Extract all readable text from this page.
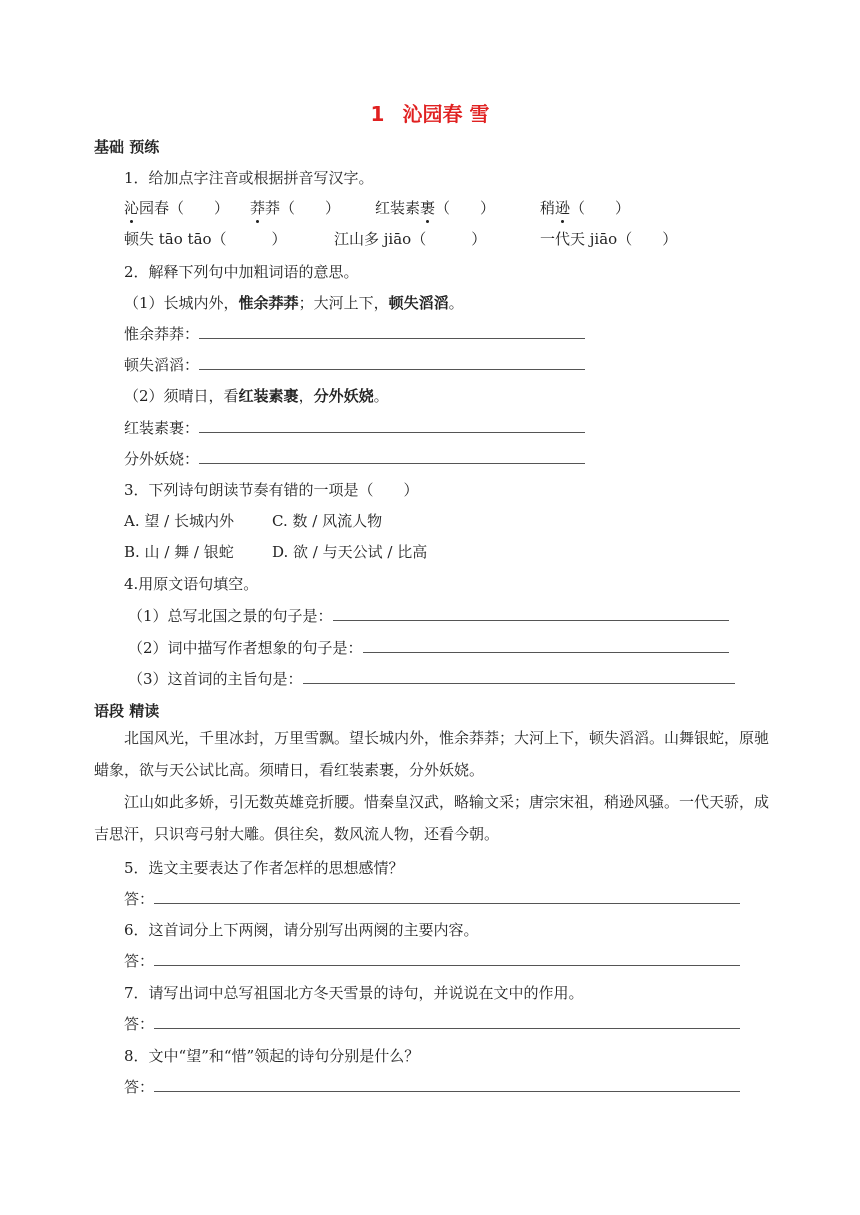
1 沁园春 雪
基础 预练
1．给加点字注音或根据拼音写汉字。
沁园春（　　） 莽莽（　　） 红装素裹（　　）	稍逊（　　）
顿失 tāo tāo（　　　）	江山多 jiāo（　　　）	一代天 jiāo（　　）
2．解释下列句中加粗词语的意思。
（1）长城内外，惟余莽莽；大河上下，顿失滔滔。
惟余莽莽：
顿失滔滔：
（2）须晴日，看红装素裹，分外妖娆。
红装素裹：
分外妖娆：
3．下列诗句朗读节奏有错的一项是（　　）
A. 望 / 长城内外	C. 数 / 风流人物
B. 山 / 舞 / 银蛇	D. 欲 / 与天公试 / 比高
4.用原文语句填空。
（1）总写北国之景的句子是：
（2）词中描写作者想象的句子是：
（3）这首词的主旨句是：
语段 精读
北国风光，千里冰封，万里雪飘。望长城内外，惟余莽莽；大河上下，顿失滔滔。山舞银蛇，原驰蜡象，欲与天公试比高。须晴日，看红装素裹，分外妖娆。
江山如此多娇，引无数英雄竞折腰。惜秦皇汉武，略输文采；唐宗宋祖，稍逊风骚。一代天骄，成吉思汗，只识弯弓射大雕。俱往矣，数风流人物，还看今朝。
5．选文主要表达了作者怎样的思想感情？
答：
6．这首词分上下两阕，请分别写出两阕的主要内容。
答：
7．请写出词中总写祖国北方冬天雪景的诗句，并说说在文中的作用。
答：
8．文中“望”和“惜”领起的诗句分别是什么？
答：
